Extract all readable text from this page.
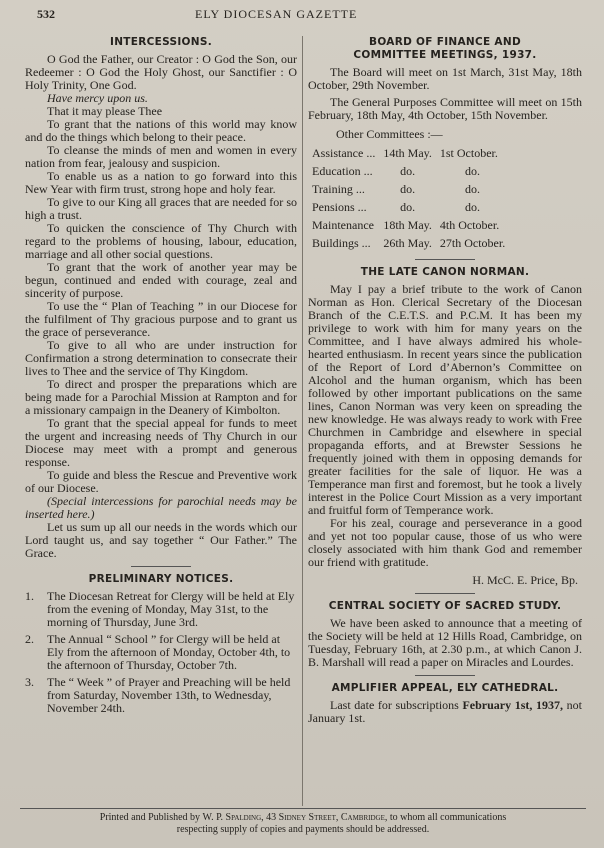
532	ELY DIOCESAN GAZETTE
INTERCESSIONS.

O God the Father, our Creator : O God the Son, our Redeemer : O God the Holy Ghost, our Sanctifier : O Holy Trinity, One God.

Have mercy upon us.

That it may please Thee

To grant that the nations of this world may know and do the things which belong to their peace.

To cleanse the minds of men and women in every nation from fear, jealousy and suspicion.

To enable us as a nation to go forward into this New Year with firm trust, strong hope and holy fear.

To give to our King all graces that are needed for so high a trust.

To quicken the conscience of Thy Church with regard to the problems of housing, labour, education, marriage and all other social questions.

To grant that the work of another year may be begun, continued and ended with courage, zeal and sincerity of purpose.

To use the “ Plan of Teaching ” in our Diocese for the fulfilment of Thy gracious purpose and to grant us the grace of perseverance.

To give to all who are under instruction for Confirmation a strong determination to consecrate their lives to Thee and the service of Thy Kingdom.

To direct and prosper the preparations which are being made for a Parochial Mission at Rampton and for a missionary campaign in the Deanery of Kimbolton.

To grant that the special appeal for funds to meet the urgent and increasing needs of Thy Church in our Diocese may meet with a prompt and generous response.

To guide and bless the Rescue and Preventive work of our Diocese.

(Special intercessions for parochial needs may be inserted here.)

Let us sum up all our needs in the words which our Lord taught us, and say together “ Our Father.” The Grace.

PRELIMINARY NOTICES.
1. The Diocesan Retreat for Clergy will be held at Ely from the evening of Monday, May 31st, to the morning of Thursday, June 3rd.
2. The Annual “ School ” for Clergy will be held at Ely from the afternoon of Monday, October 4th, to the afternoon of Thursday, October 7th.
3. The “ Week ” of Prayer and Preaching will be held from Saturday, November 13th, to Wednesday, November 24th.
BOARD OF FINANCE AND
COMMITTEE MEETINGS, 1937.

The Board will meet on 1st March, 31st May, 18th October, 29th November.

The General Purposes Committee will meet on 15th February, 18th May, 4th October, 15th November.

Other Committees :—

Assistance ...	14th May.	1st October.
Education ...	do.	do.
Training ...	do.	do.
Pensions ...	do.	do.
Maintenance	18th May.	4th October.
Buildings ...	26th May.	27th October.
THE LATE CANON NORMAN.

May I pay a brief tribute to the work of Canon Norman as Hon. Clerical Secretary of the Diocesan Branch of the C.E.T.S. and P.C.M. It has been my privilege to work with him for many years on the Committee, and I have always admired his whole-hearted enthusiasm. In recent years since the publication of the Report of Lord d’Abernon’s Committee on Alcohol and the human organism, which has been followed by other important publications on the same lines, Canon Norman was very keen on spreading the new knowledge. He was always ready to work with Free Churchmen in Cambridge and elsewhere in special propaganda efforts, and at Brewster Sessions he frequently joined with them in opposing demands for greater facilities for the sale of liquor. He was a Temperance man first and foremost, but he took a lively interest in the Police Court Mission as a very important and fruitful form of Temperance work.

For his zeal, courage and perseverance in a good and yet not too popular cause, those of us who were closely associated with him thank God and remember our friend with gratitude.

H. McC. E. Price, Bp.

CENTRAL SOCIETY OF SACRED STUDY.

We have been asked to announce that a meeting of the Society will be held at 12 Hills Road, Cambridge, on Tuesday, February 16th, at 2.30 p.m., at which Canon J. B. Marshall will read a paper on Miracles and Lourdes.

AMPLIFIER APPEAL, ELY CATHEDRAL.

Last date for subscriptions February 1st, 1937, not January 1st.

Printed and Published by W. P. Spalding, 43 Sidney Street, Cambridge, to whom all communications
respecting supply of copies and payments should be addressed.
